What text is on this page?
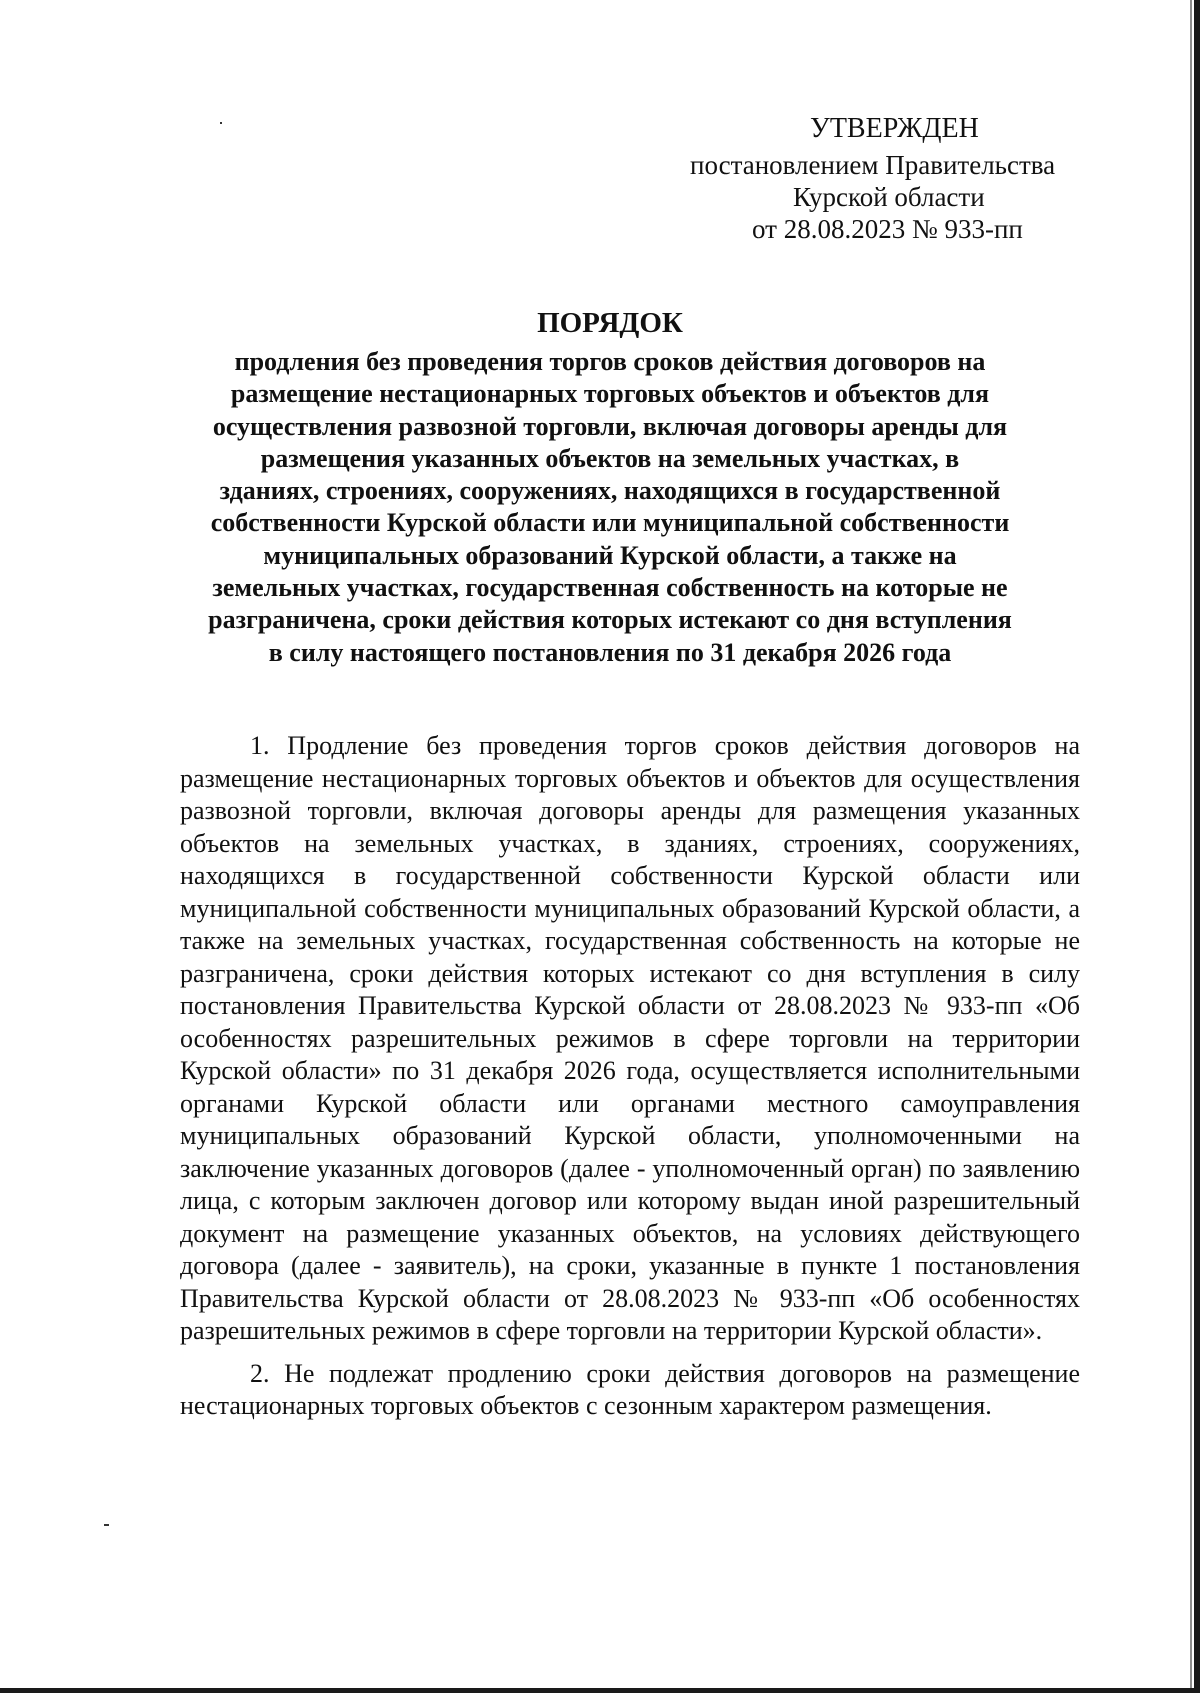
УТВЕРЖДЕН
постановлением Правительства
Курской области
от 28.08.2023 № 933-пп
ПОРЯДОК
продления без проведения торгов сроков действия договоров на
размещение нестационарных торговых объектов и объектов для
осуществления развозной торговли, включая договоры аренды для
размещения указанных объектов на земельных участках, в
зданиях, строениях, сооружениях, находящихся в государственной
собственности Курской области или муниципальной собственности
муниципальных образований Курской области, а также на
земельных участках, государственная собственность на которые не
разграничена, сроки действия которых истекают со дня вступления
в силу настоящего постановления по 31 декабря 2026 года

1. Продление без проведения торгов сроков действия договоров на размещение нестационарных торговых объектов и объектов для осуществления развозной торговли, включая договоры аренды для размещения указанных объектов на земельных участках, в зданиях, строениях, сооружениях, находящихся в государственной собственности Курской области или муниципальной собственности муниципальных образований Курской области, а также на земельных участках, государственная собственность на которые не разграничена, сроки действия которых истекают со дня вступления в силу постановления Правительства Курской области от 28.08.2023 № 933-пп «Об особенностях разрешительных режимов в сфере торговли на территории Курской области» по 31 декабря 2026 года, осуществляется исполнительными органами Курской области или органами местного самоуправления муниципальных образований Курской области, уполномоченными на заключение указанных договоров (далее - уполномоченный орган) по заявлению лица, с которым заключен договор или которому выдан иной разрешительный документ на размещение указанных объектов, на условиях действующего договора (далее - заявитель), на сроки, указанные в пункте 1 постановления Правительства Курской области от 28.08.2023 № 933-пп «Об особенностях разрешительных режимов в сфере торговли на территории Курской области».

2. Не подлежат продлению сроки действия договоров на размещение нестационарных торговых объектов с сезонным характером размещения.
